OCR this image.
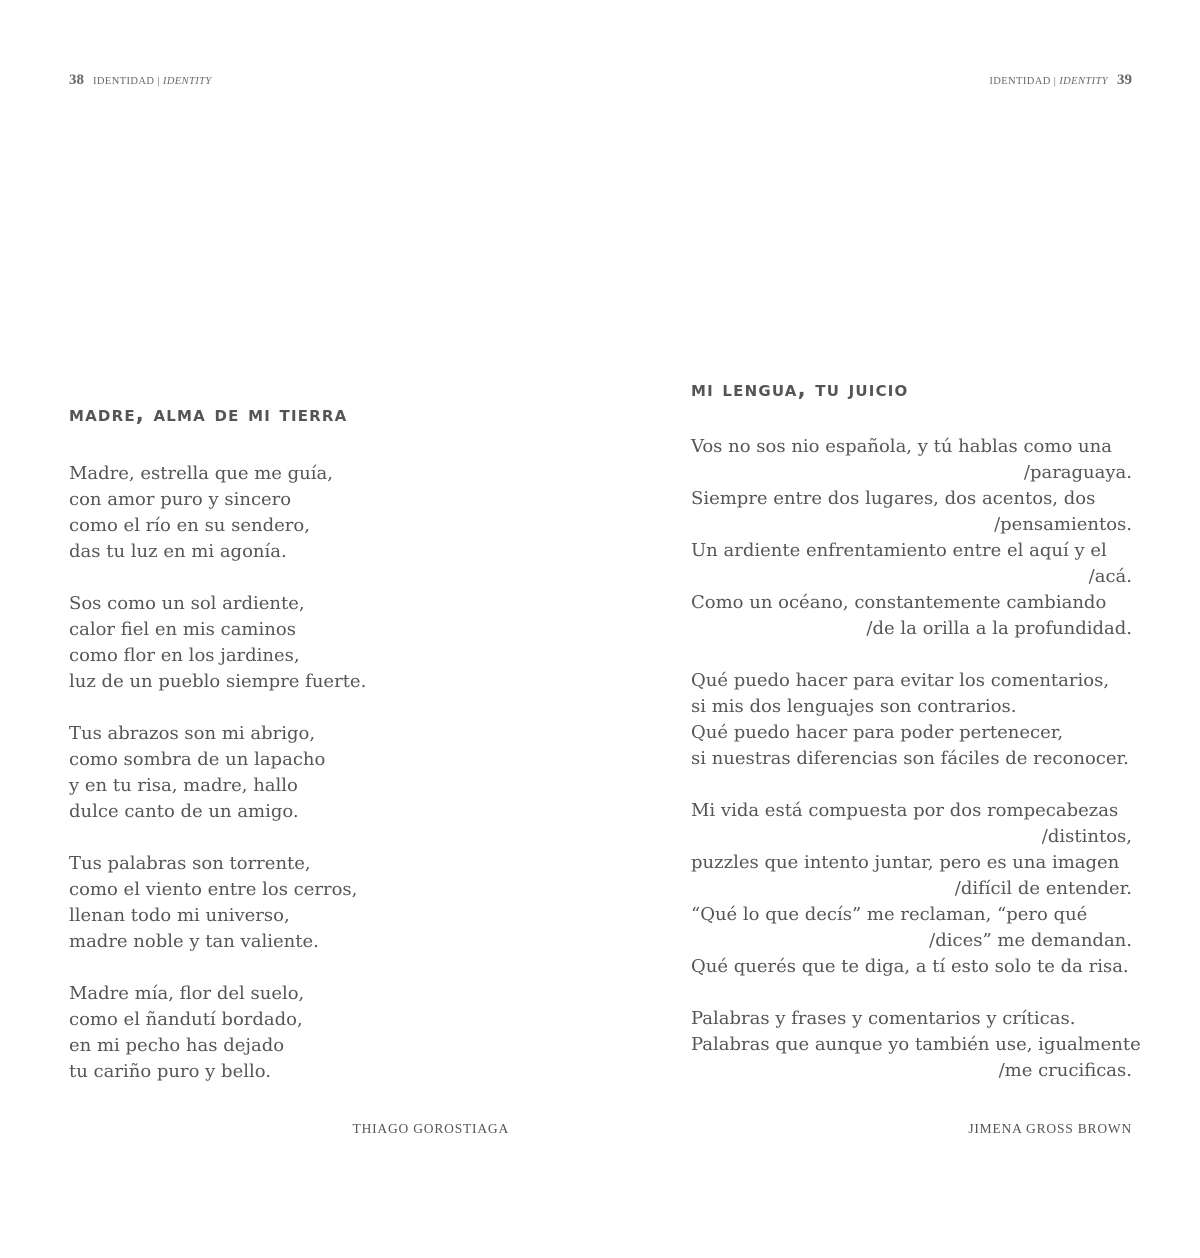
38 IDENTIDAD | IDENTITY	IDENTIDAD | IDENTITY 39
madre, alma de mi tierra
Madre, estrella que me guía,
con amor puro y sincero
como el río en su sendero,
das tu luz en mi agonía.
Sos como un sol ardiente,
calor fiel en mis caminos
como flor en los jardines,
luz de un pueblo siempre fuerte.
Tus abrazos son mi abrigo,
como sombra de un lapacho
y en tu risa, madre, hallo
dulce canto de un amigo.
Tus palabras son torrente,
como el viento entre los cerros,
llenan todo mi universo,
madre noble y tan valiente.
Madre mía, flor del suelo,
como el ñandutí bordado,
en mi pecho has dejado
tu cariño puro y bello.
THIAGO GOROSTIAGA
mi lengua, tu juicio
Vos no sos nio española, y tú hablas como una
/paraguaya.
Siempre entre dos lugares, dos acentos, dos
/pensamientos.
Un ardiente enfrentamiento entre el aquí y el
/acá.
Como un océano, constantemente cambiando
/de la orilla a la profundidad.
Qué puedo hacer para evitar los comentarios,
si mis dos lenguajes son contrarios.
Qué puedo hacer para poder pertenecer,
si nuestras diferencias son fáciles de reconocer.
Mi vida está compuesta por dos rompecabezas
/distintos,
puzzles que intento juntar, pero es una imagen
/difícil de entender.
“Qué lo que decís” me reclaman, “pero qué
/dices” me demandan.
Qué querés que te diga, a tí esto solo te da risa.
Palabras y frases y comentarios y críticas.
Palabras que aunque yo también use, igualmente
/me crucificas.
JIMENA GROSS BROWN
